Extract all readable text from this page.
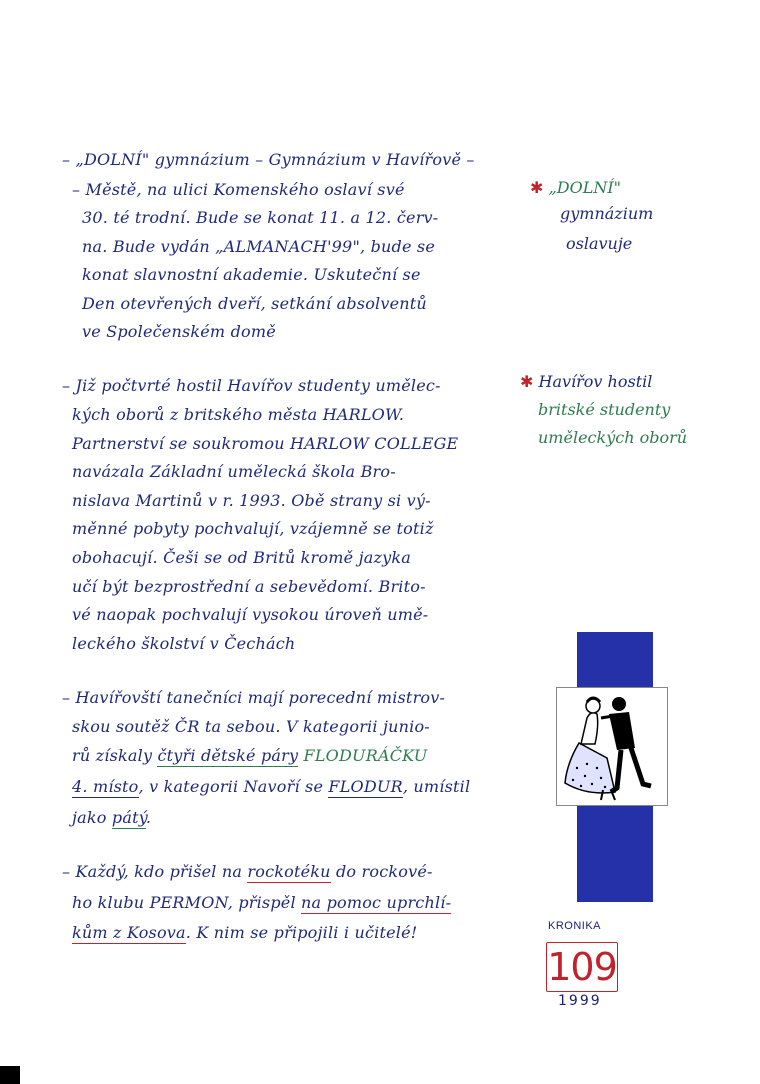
– „DOLNÍ" gymnázium – Gymnázium v Havířově –
– Městě, na ulici Komenského oslaví své
30. té trodní. Bude se konat 11. a 12. červ-
na. Bude vydán „ALMANACH'99", bude se
konat slavnostní akademie. Uskuteční se
Den otevřených dveří, setkání absolventů
ve Společenském domě
✱ „DOLNÍ"
gymnázium
oslavuje
– Již počtvrté hostil Havířov studenty umělec-
kých oborů z britského města HARLOW.
Partnerství se soukromou HARLOW COLLEGE
navázala Základní umělecká škola Bro-
nislava Martinů v r. 1993. Obě strany si vý-
měnné pobyty pochvalují, vzájemně se totiž
obohacují. Češi se od Britů kromě jazyka
učí být bezprostřední a sebevědomí. Brito-
vé naopak pochvalují vysokou úroveň umě-
leckého školství v Čechách
✱ Havířov hostil
britské studenty
uměleckých oborů
– Havířovští tanečníci mají porecední mistrov-
skou soutěž ČR ta sebou. V kategorii junio-
rů získaly čtyři dětské páry FLODURÁČKU
4. místo, v kategorii Navoří se FLODUR, umístil
jako pátý.
– Každý, kdo přišel na rockotéku do rockové-
ho klubu PERMON, přispěl na pomoc uprchlí-
kům z Kosova. K nim se připojili i učitelé!	KRONIKA
109
1999
